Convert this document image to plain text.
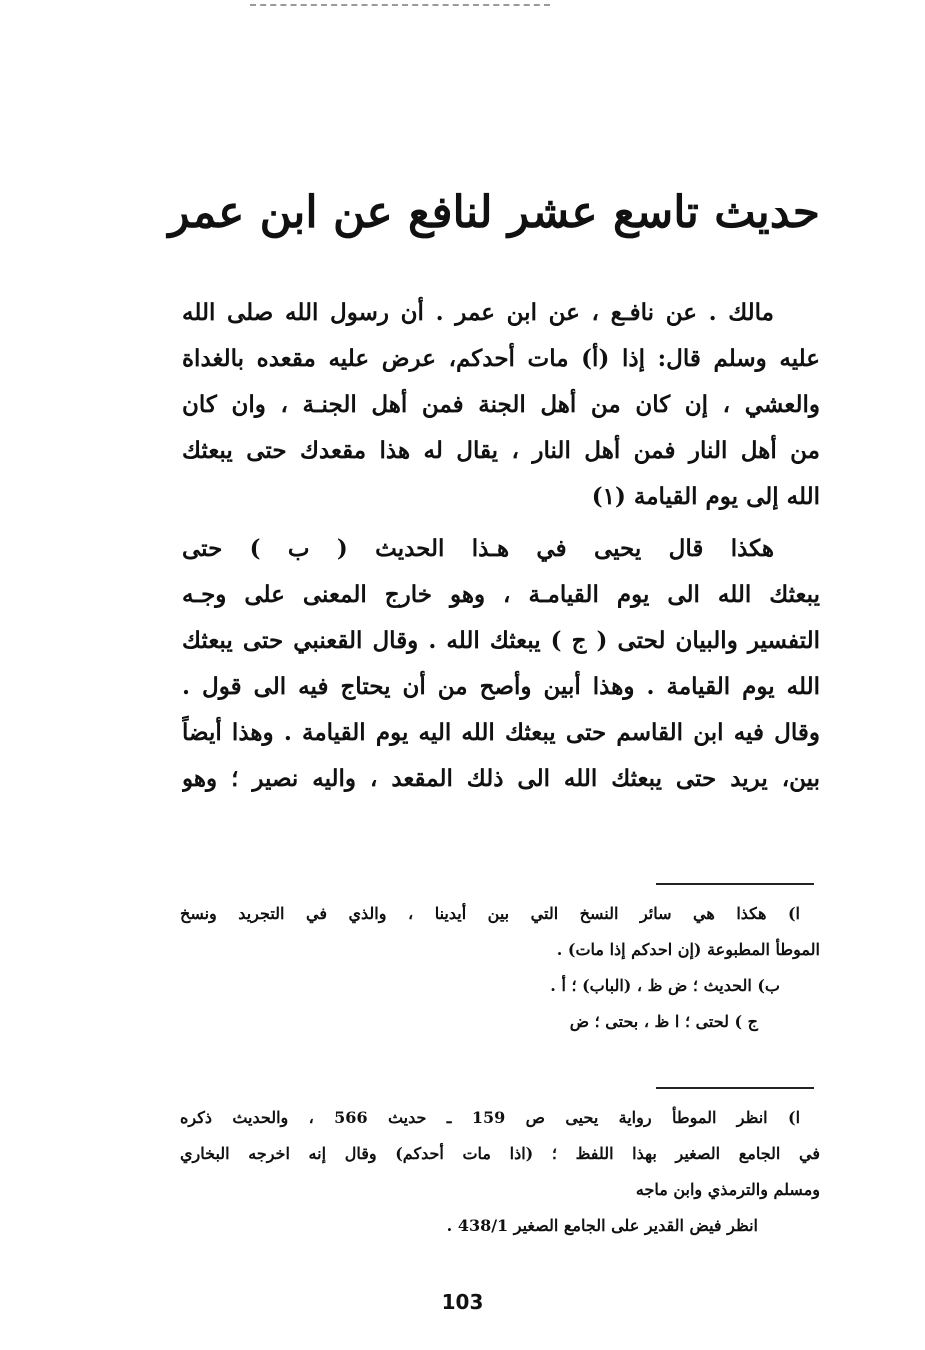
حديث تاسع عشر لنافع عن ابن عمر
مالك . عن نافـع ، عن ابن عمر . أن رسول الله صلى الله
عليه وسلم قال: إذا (أ) مات أحدكم، عرض عليه مقعده بالغداة
والعشي ، إن كان من أهل الجنة فمن أهل الجنـة ، وان كان
من أهل النار فمن أهل النار ، يقال له هذا مقعدك حتى يبعثك
الله إلى يوم القيامة (١)
هكذا قال يحيى في هـذا الحديث ( ب ) حتى
يبعثك الله الى يوم القيامـة ، وهو خارج المعنى على وجـه
التفسير والبيان لحتى ( ج ) يبعثك الله . وقال القعنبي حتى يبعثك
الله يوم القيامة . وهذا أبين وأصح من أن يحتاج فيه الى قول .
وقال فيه ابن القاسم حتى يبعثك الله اليه يوم القيامة . وهذا أيضاً
بين، يريد حتى يبعثك الله الى ذلك المقعد ، واليه نصير ؛ وهو
ا) هكذا هي سائر النسخ التي بين أيدينا ، والذي في التجريد ونسخ
الموطأ المطبوعة (إن احدكم إذا مات) .
ب) الحديث ؛ ض ظ ، (الباب) ؛ أ .
ج ) لحتى ؛ ا ظ ، بحتى ؛ ض
ا) انظر الموطأ رواية يحيى ص 159 ـ حديث 566 ، والحديث ذكره
في الجامع الصغير بهذا اللفظ ؛ (اذا مات أحدكم) وقال إنه اخرجه البخاري
ومسلم والترمذي وابن ماجه
انظر فيض القدير على الجامع الصغير 438/1 .
103
